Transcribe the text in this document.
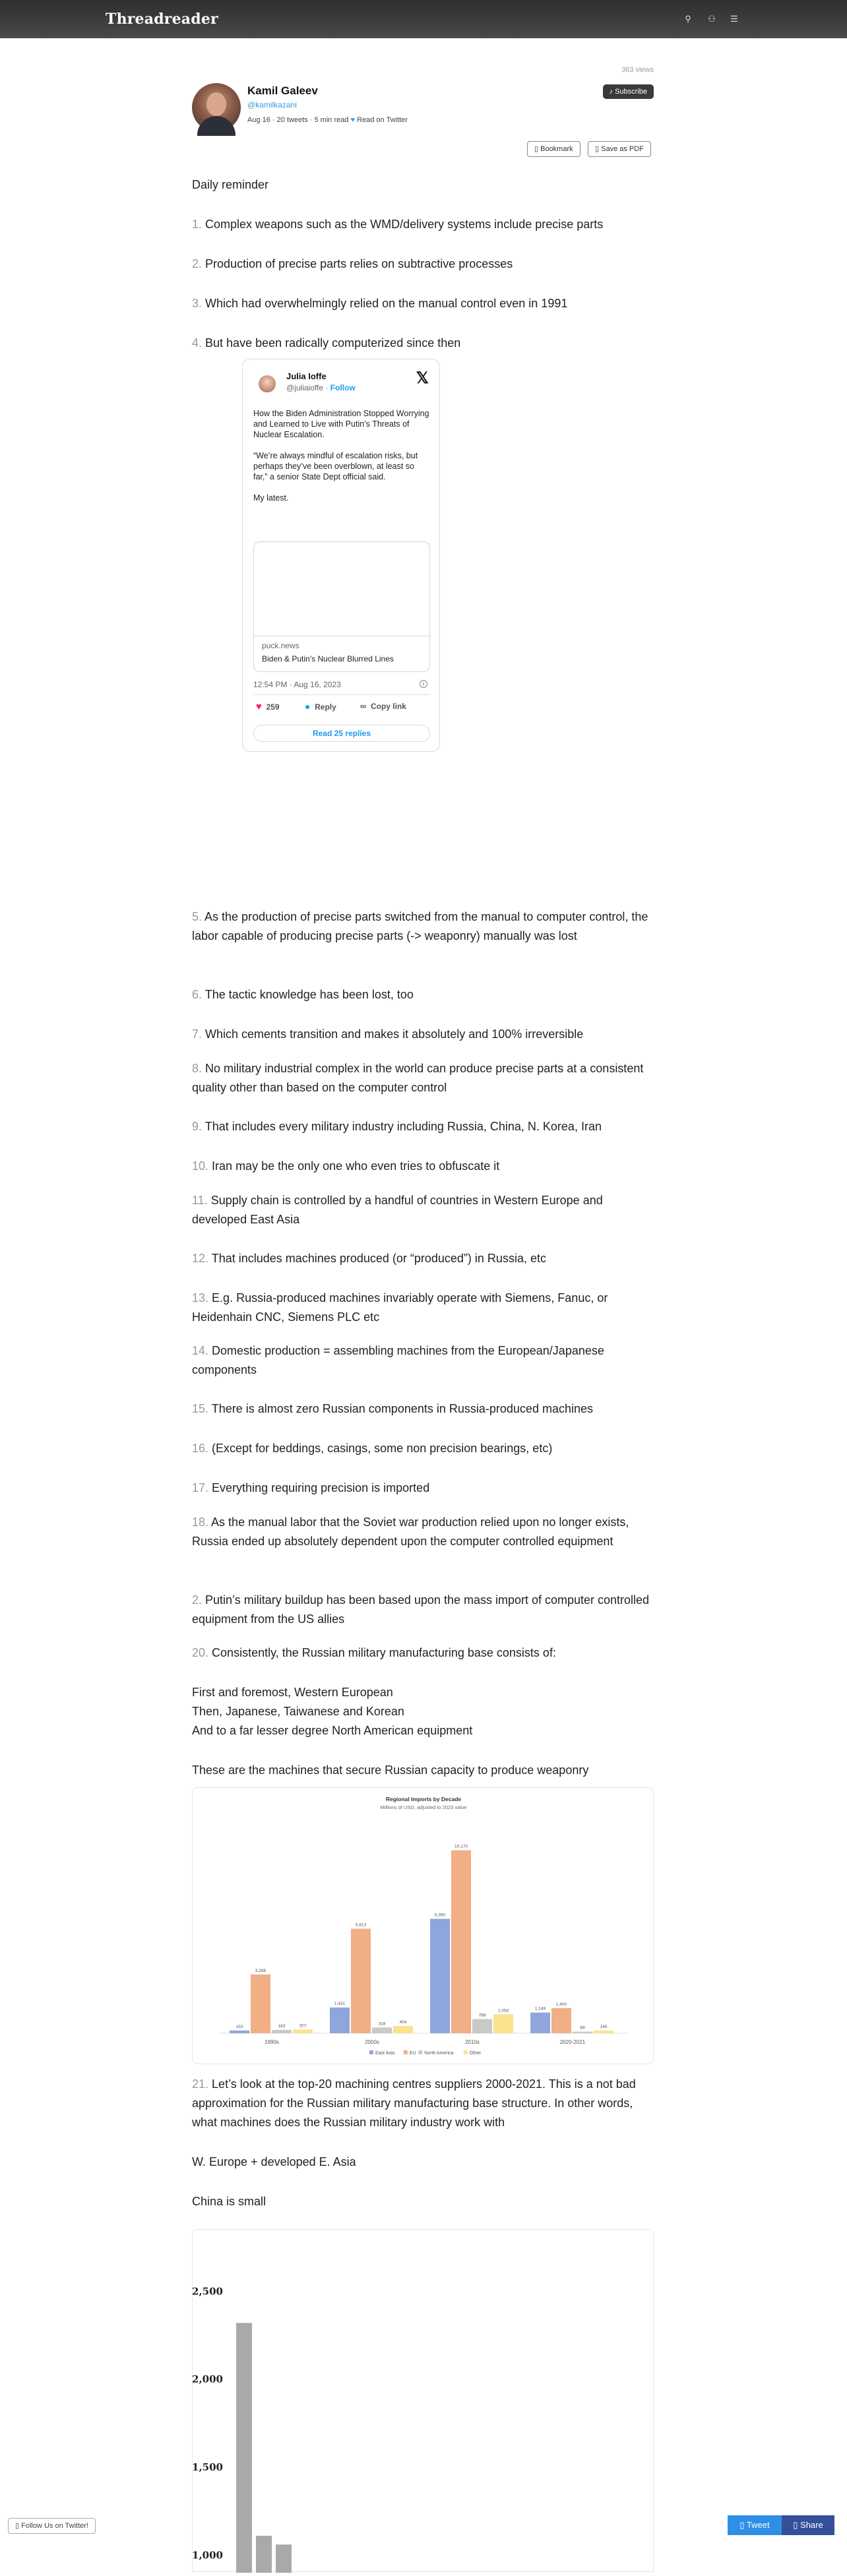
Threadreader	⚲ ⚇ ☰
363 views
♪ Subscribe
Kamil Galeev
@kamilkazani
Aug 16 · 20 tweets · 5 min read ♥ Read on Twitter
▯ Bookmark	▯ Save as PDF
Daily reminder
1. Complex weapons such as the WMD/delivery systems include precise parts
2. Production of precise parts relies on subtractive processes
3. Which had overwhelmingly relied on the manual control even in 1991
4. But have been radically computerized since then
Julia Ioffe
@juliaioffe · Follow
𝕏
How the Biden Administration Stopped Worrying and Learned to Live with Putin’s Threats of Nuclear Escalation.

“We’re always mindful of escalation risks, but perhaps they’ve been overblown, at least so far,” a senior State Dept official said.

My latest.
puck.news
Biden & Putin’s Nuclear Blurred Lines
12:54 PM · Aug 16, 2023	i
♥ 259	● Reply	∞ Copy link
Read 25 replies
5. As the production of precise parts switched from the manual to computer control, the labor capable of producing precise parts (-> weaponry) manually was lost
6. The tactic knowledge has been lost, too
7. Which cements transition and makes it absolutely and 100% irreversible
8. No military industrial complex in the world can produce precise parts at a consistent quality other than based on the computer control
9. That includes every military industry including Russia, China, N. Korea, Iran
10. Iran may be the only one who even tries to obfuscate it
11. Supply chain is controlled by a handful of countries in Western Europe and developed East Asia
12. That includes machines produced (or “produced”) in Russia, etc
13. E.g. Russia-produced machines invariably operate with Siemens, Fanuc, or Heidenhain CNC, Siemens PLC etc
14. Domestic production = assembling machines from the European/Japanese components
15. There is almost zero Russian components in Russia-produced machines
16. (Except for beddings, casings, some non precision bearings, etc)
17. Everything requiring precision is imported
18. As the manual labor that the Soviet war production relied upon no longer exists, Russia ended up absolutely dependent upon the computer controlled equipment
2. Putin’s military buildup has been based upon the mass import of computer controlled equipment from the US allies
20. Consistently, the Russian military manufacturing base consists of:
First and foremost, Western European
Then, Japanese, Taiwanese and Korean
And to a far lesser degree North American equipment
These are the machines that secure Russian capacity to produce weaponry
Regional Imports by Decade
Millions of USD, adjusted to 2023 value
153
3,268
183	207
1990s
1,431
5,813
318	404
2000s
6,360
10,170
788
1,054
2010s
1,149
1,400
89	149
2020-2021
East Asia	EU North America	Other
21. Let’s look at the top-20 machining centres suppliers 2000-2021. This is a not bad approximation for the Russian military manufacturing base structure. In other words, what machines does the Russian military industry work with
W. Europe + developed E. Asia
China is small
2,500
2,000
1,500
1,000
▯ Follow Us on Twitter!	▯ Tweet	▯ Share
